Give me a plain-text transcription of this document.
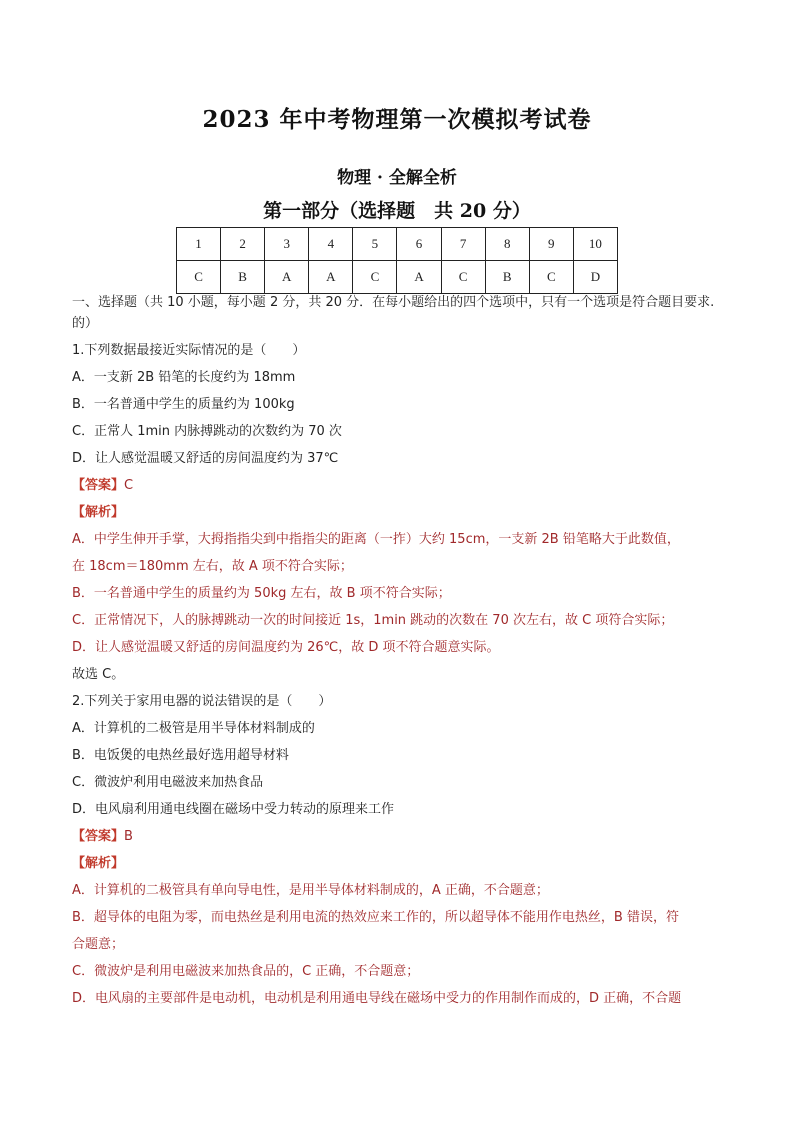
2023 年中考物理第一次模拟考试卷
物理 · 全解全析
第一部分（选择题　共 20 分）
1	2	3	4	5	6	7	8	9	10
C	B	A	A	C	A	C	B	C	D
一、选择题（共 10 小题，每小题 2 分，共 20 分．在每小题给出的四个选项中，只有一个选项是符合题目要求.的）
1.下列数据最接近实际情况的是（　　）
A．一支新 2B 铅笔的长度约为 18mm
B．一名普通中学生的质量约为 100kg
C．正常人 1min 内脉搏跳动的次数约为 70 次
D．让人感觉温暖又舒适的房间温度约为 37℃
【答案】C
【解析】
A．中学生伸开手掌，大拇指指尖到中指指尖的距离（一拃）大约 15cm，一支新 2B 铅笔略大于此数值，
在 18cm＝180mm 左右，故 A 项不符合实际；
B．一名普通中学生的质量约为 50kg 左右，故 B 项不符合实际；
C．正常情况下，人的脉搏跳动一次的时间接近 1s，1min 跳动的次数在 70 次左右，故 C 项符合实际；
D．让人感觉温暖又舒适的房间温度约为 26℃，故 D 项不符合题意实际。
故选 C。
2.下列关于家用电器的说法错误的是（　　）
A．计算机的二极管是用半导体材料制成的
B．电饭煲的电热丝最好选用超导材料
C．微波炉利用电磁波来加热食品
D．电风扇利用通电线圈在磁场中受力转动的原理来工作
【答案】B
【解析】
A．计算机的二极管具有单向导电性，是用半导体材料制成的，A 正确，不合题意；
B．超导体的电阻为零，而电热丝是利用电流的热效应来工作的，所以超导体不能用作电热丝，B 错误，符
合题意；
C．微波炉是利用电磁波来加热食品的，C 正确，不合题意；
D．电风扇的主要部件是电动机，电动机是利用通电导线在磁场中受力的作用制作而成的，D 正确，不合题
